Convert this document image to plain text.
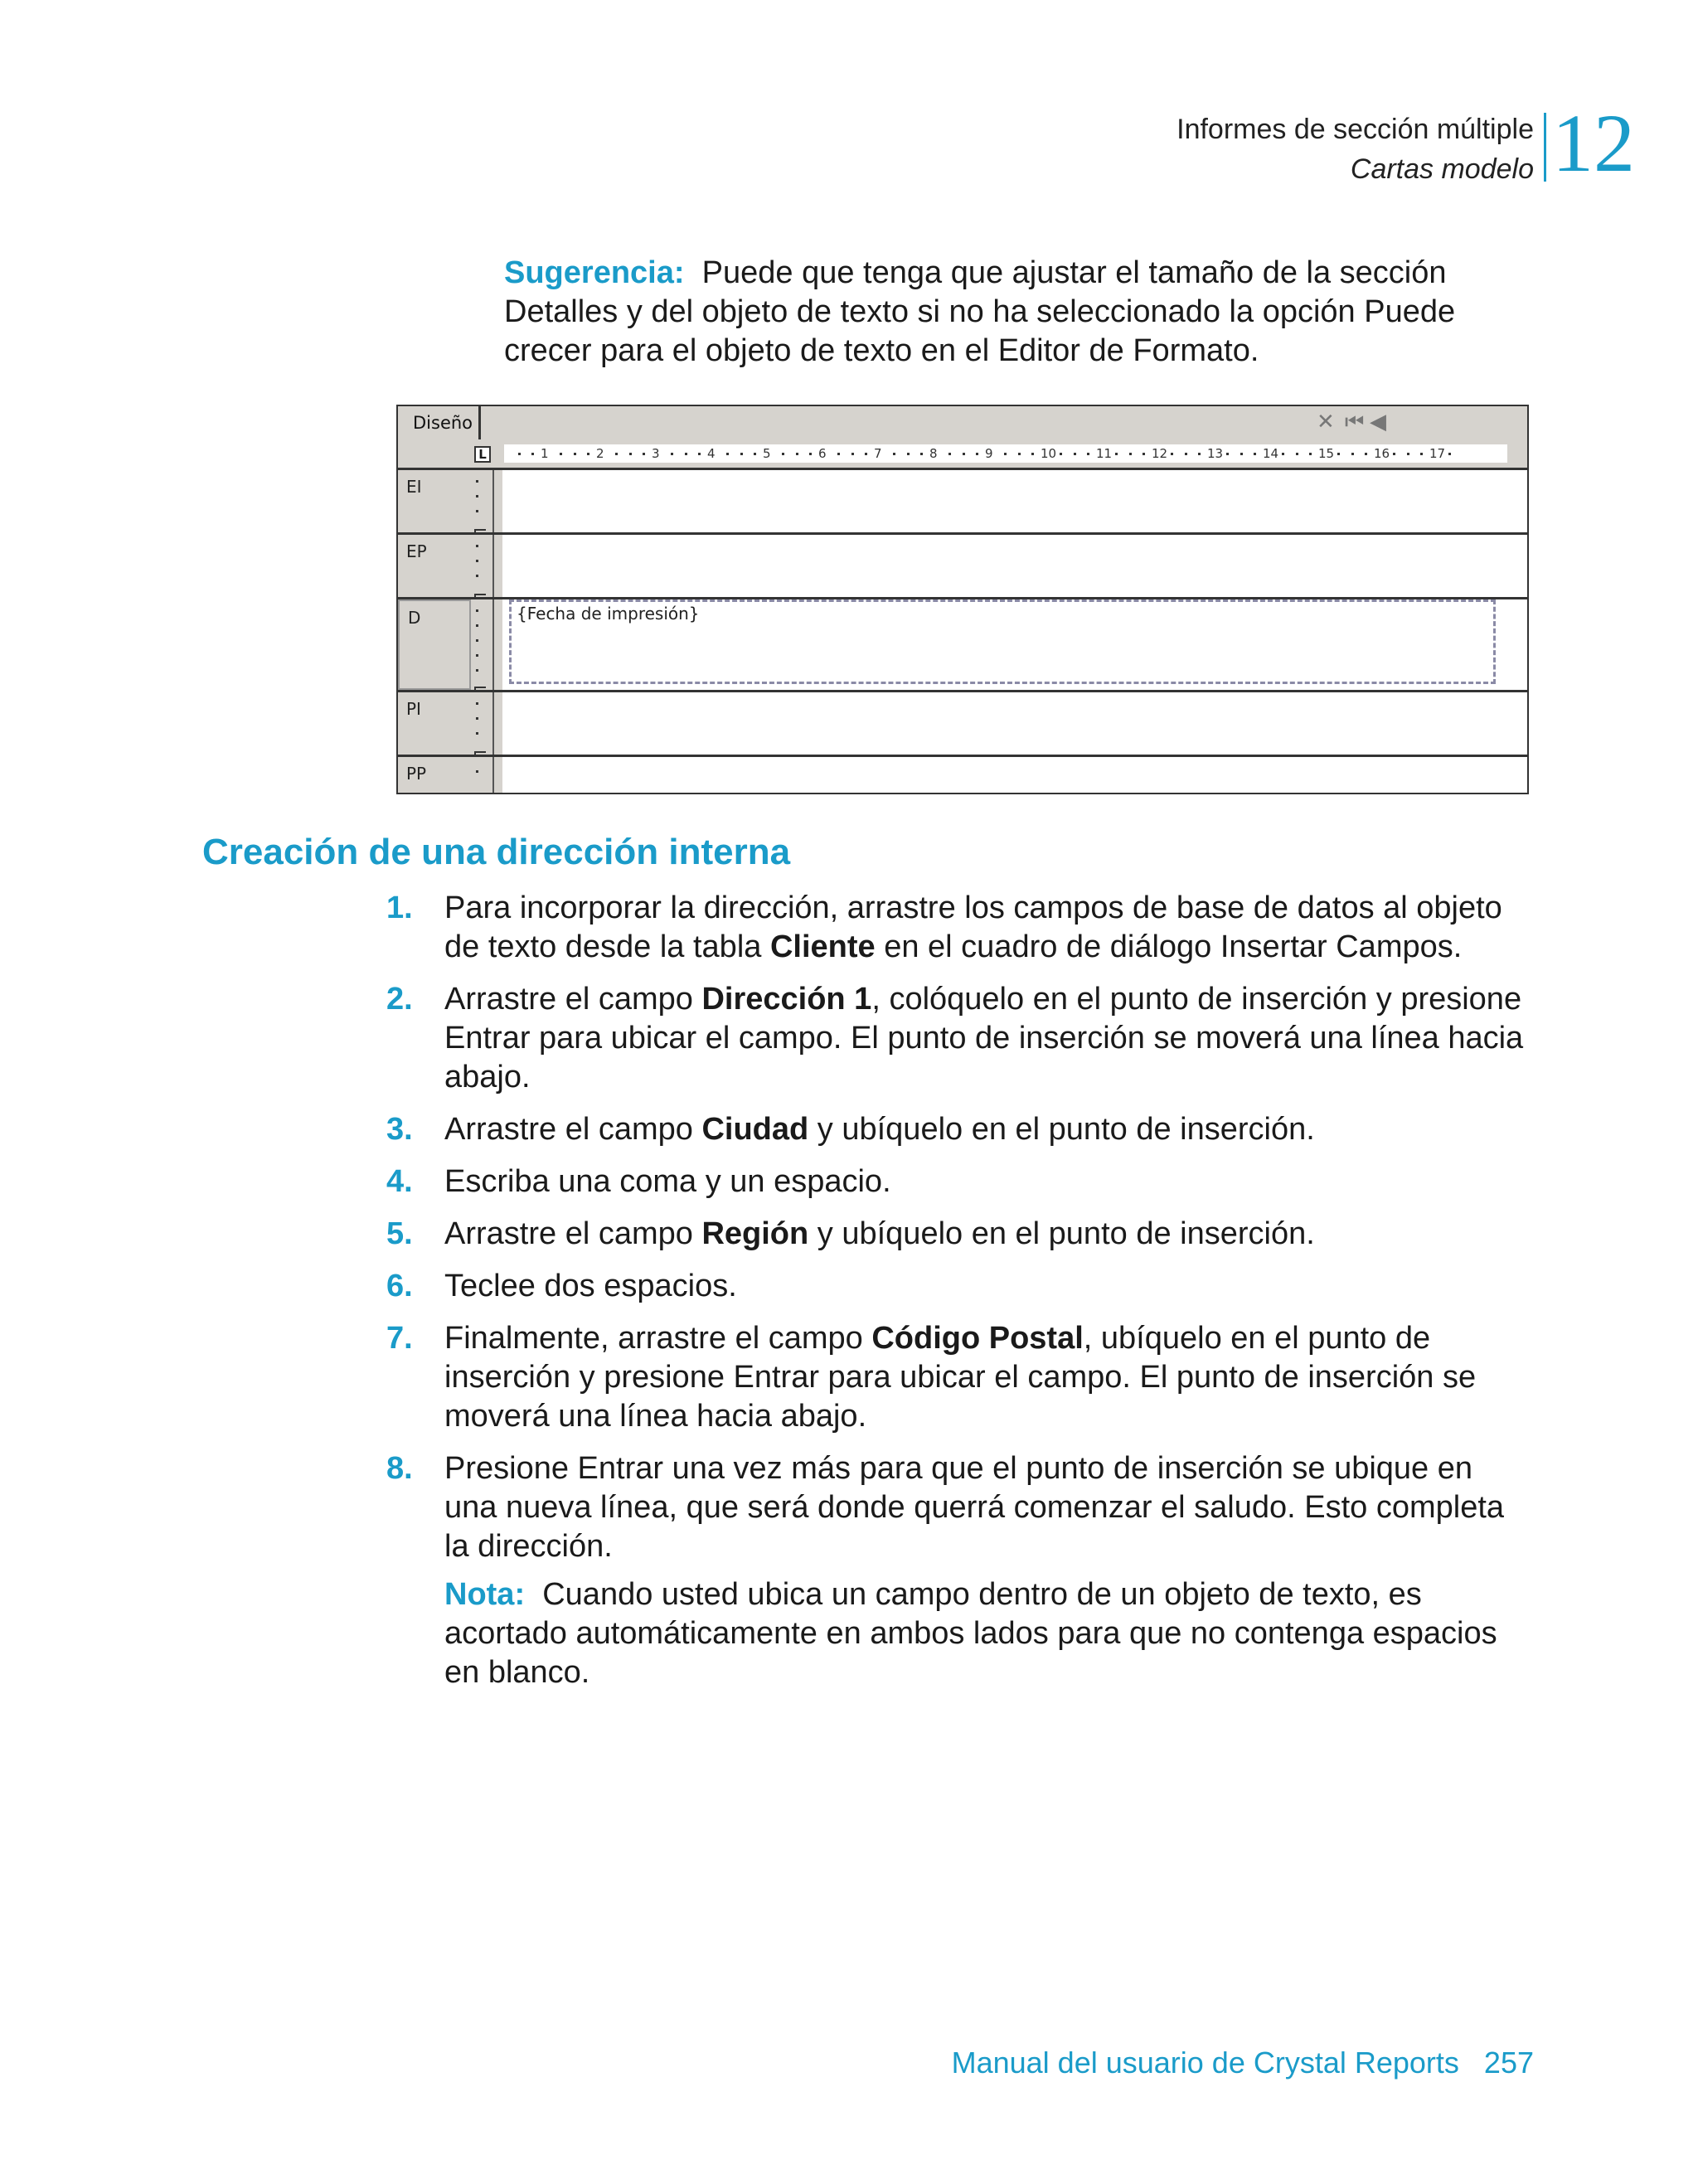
Informes de sección múltiple
Cartas modelo 12
Sugerencia: Puede que tenga que ajustar el tamaño de la sección Detalles y del objeto de texto si no ha seleccionado la opción Puede crecer para el objeto de texto en el Editor de Formato.
Diseño	✕ ⏮ ◀
L	1	2	3	4	5	6	7	8	9	10	11	12	13	14	15	16	17
EI
EP
D	{Fecha de impresión}
PI
PP
Creación de una dirección interna
1. Para incorporar la dirección, arrastre los campos de base de datos al objeto de texto desde la tabla Cliente en el cuadro de diálogo Insertar Campos.
2. Arrastre el campo Dirección 1, colóquelo en el punto de inserción y presione Entrar para ubicar el campo. El punto de inserción se moverá una línea hacia abajo.
3. Arrastre el campo Ciudad y ubíquelo en el punto de inserción.
4. Escriba una coma y un espacio.
5. Arrastre el campo Región y ubíquelo en el punto de inserción.
6. Teclee dos espacios.
7. Finalmente, arrastre el campo Código Postal, ubíquelo en el punto de inserción y presione Entrar para ubicar el campo. El punto de inserción se moverá una línea hacia abajo.
8. Presione Entrar una vez más para que el punto de inserción se ubique en una nueva línea, que será donde querrá comenzar el saludo. Esto completa la dirección.
Nota: Cuando usted ubica un campo dentro de un objeto de texto, es acortado automáticamente en ambos lados para que no contenga espacios en blanco.
Manual del usuario de Crystal Reports 257
